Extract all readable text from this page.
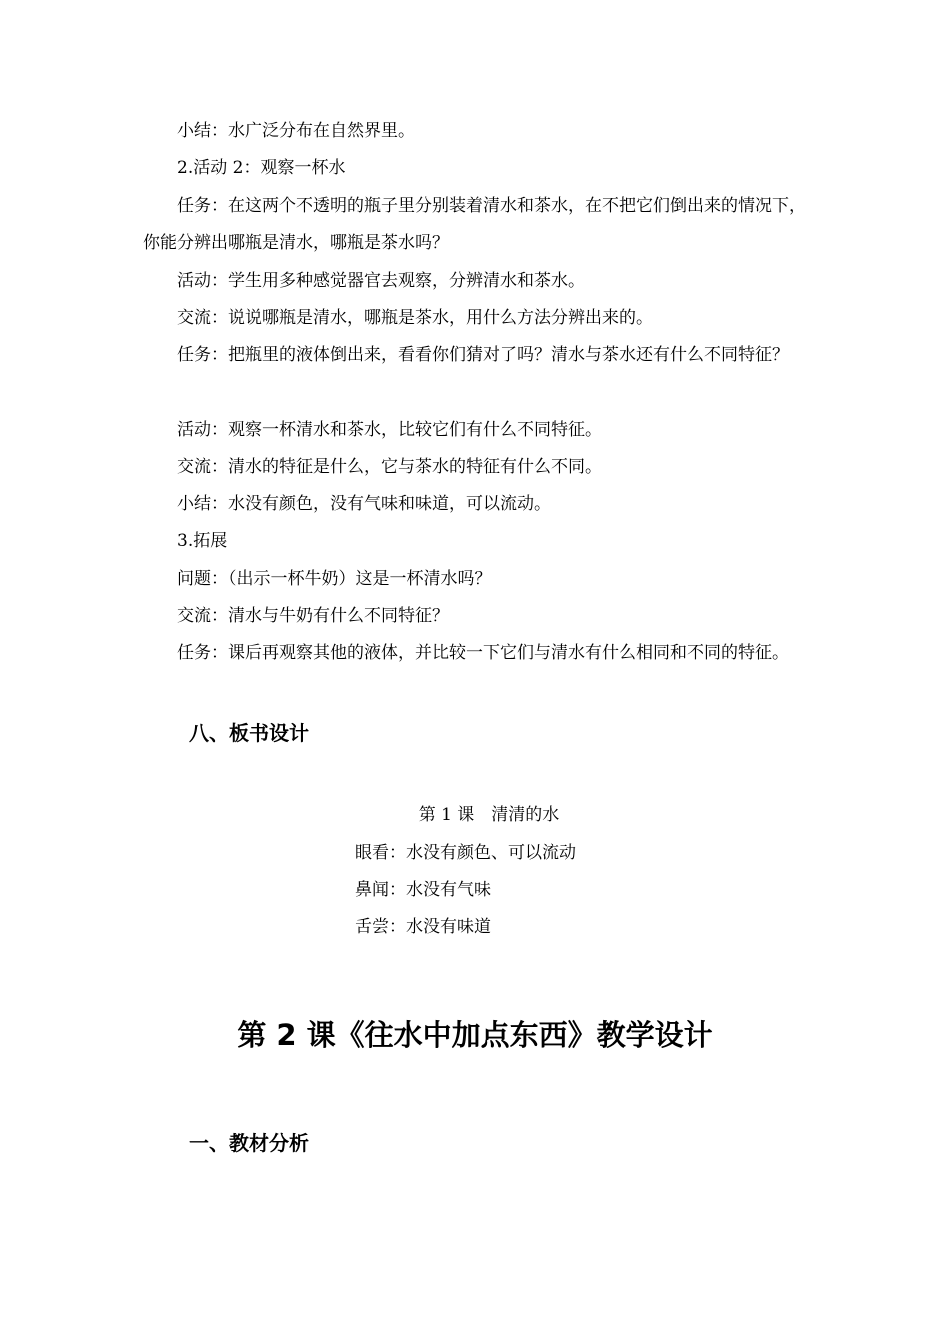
小结：水广泛分布在自然界里。
2.活动 2：观察一杯水
任务：在这两个不透明的瓶子里分别装着清水和茶水，在不把它们倒出来的情况下，你能分辨出哪瓶是清水，哪瓶是茶水吗？
活动：学生用多种感觉器官去观察，分辨清水和茶水。
交流：说说哪瓶是清水，哪瓶是茶水，用什么方法分辨出来的。
任务：把瓶里的液体倒出来，看看你们猜对了吗？清水与茶水还有什么不同特征？
活动：观察一杯清水和茶水，比较它们有什么不同特征。
交流：清水的特征是什么，它与茶水的特征有什么不同。
小结：水没有颜色，没有气味和味道，可以流动。
3.拓展
问题：（出示一杯牛奶）这是一杯清水吗？
交流：清水与牛奶有什么不同特征？
任务：课后再观察其他的液体，并比较一下它们与清水有什么相同和不同的特征。
八、板书设计
第 1 课　清清的水
眼看：水没有颜色、可以流动
鼻闻：水没有气味
舌尝：水没有味道
第 2 课《往水中加点东西》教学设计
一、教材分析
